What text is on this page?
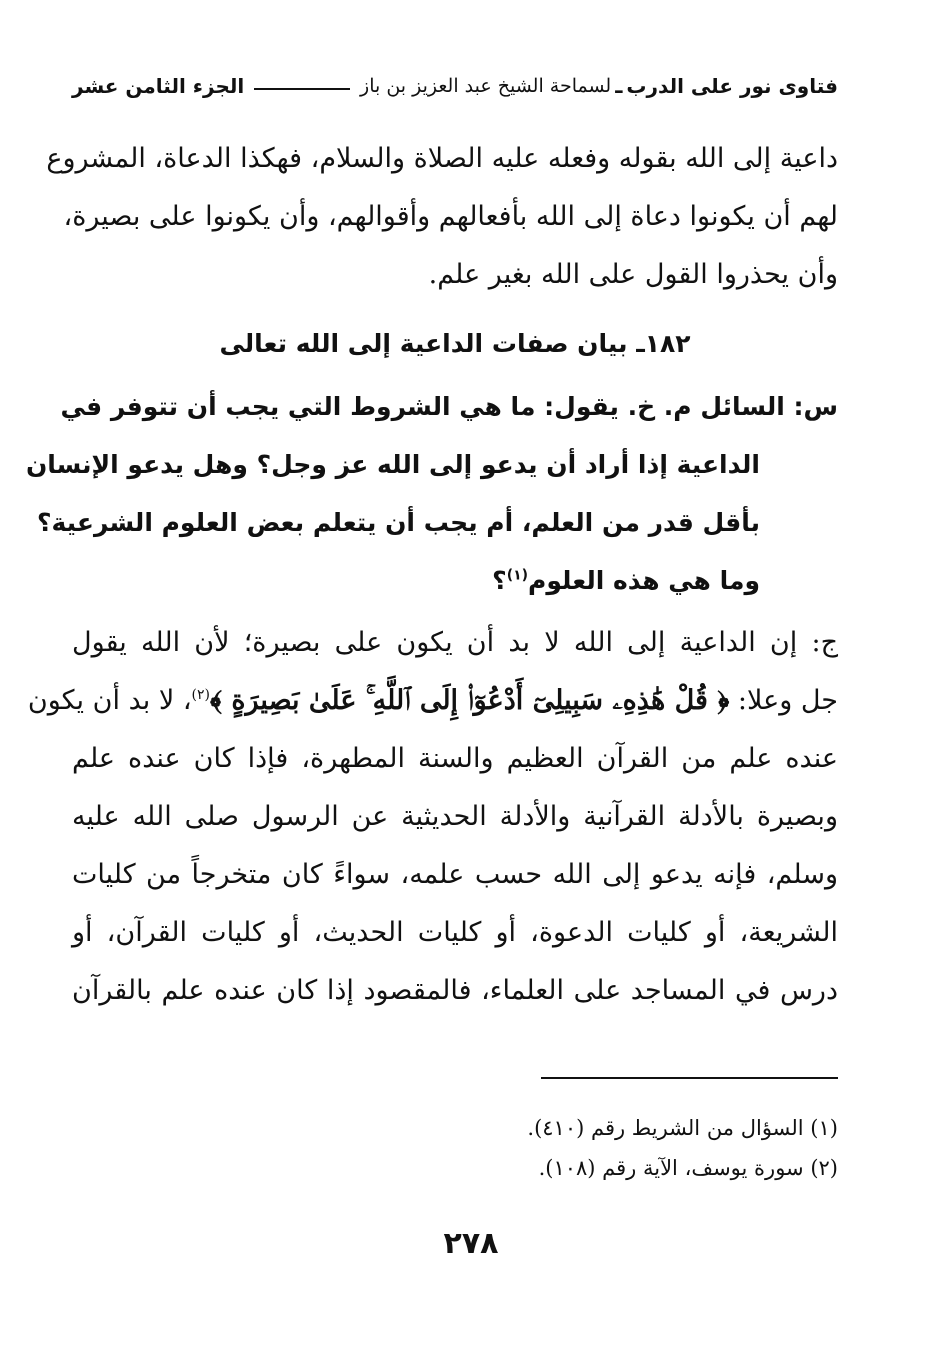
فتاوى نور على الدرب
ـ
لسماحة الشيخ عبد العزيز بن باز
الجزء الثامن عشر
داعية إلى الله بقوله وفعله عليه الصلاة والسلام، فهكذا الدعاة، المشروع
لهم أن يكونوا دعاة إلى الله بأفعالهم وأقوالهم، وأن يكونوا على بصيرة،
وأن يحذروا القول على الله بغير علم.
١٨٢ـ بيان صفات الداعية إلى الله تعالى
س: السائل م. خ. يقول: ما هي الشروط التي يجب أن تتوفر في
الداعية إذا أراد أن يدعو إلى الله عز وجل؟ وهل يدعو الإنسان
بأقل قدر من العلم، أم يجب أن يتعلم بعض العلوم الشرعية؟
وما هي هذه العلوم$^{(١)}$؟
ج: إن الداعية إلى الله لا بد أن يكون على بصيرة؛ لأن الله يقول
جل وعلا: ﴿ قُلْ هَٰذِهِۦ سَبِيلِىٓ أَدْعُوٓا۟ إِلَى ٱللَّهِ ۚ عَلَىٰ بَصِيرَةٍ ﴾$^{(٢)}$، لا بد أن يكون
عنده علم من القرآن العظيم والسنة المطهرة، فإذا كان عنده علم
وبصيرة بالأدلة القرآنية والأدلة الحديثية عن الرسول صلى الله عليه
وسلم، فإنه يدعو إلى الله حسب علمه، سواءً كان متخرجاً من كليات
الشريعة، أو كليات الدعوة، أو كليات الحديث، أو كليات القرآن، أو
درس في المساجد على العلماء، فالمقصود إذا كان عنده علم بالقرآن
(١) السؤال من الشريط رقم (٤١٠).
(٢) سورة يوسف، الآية رقم (١٠٨).
٢٧٨
